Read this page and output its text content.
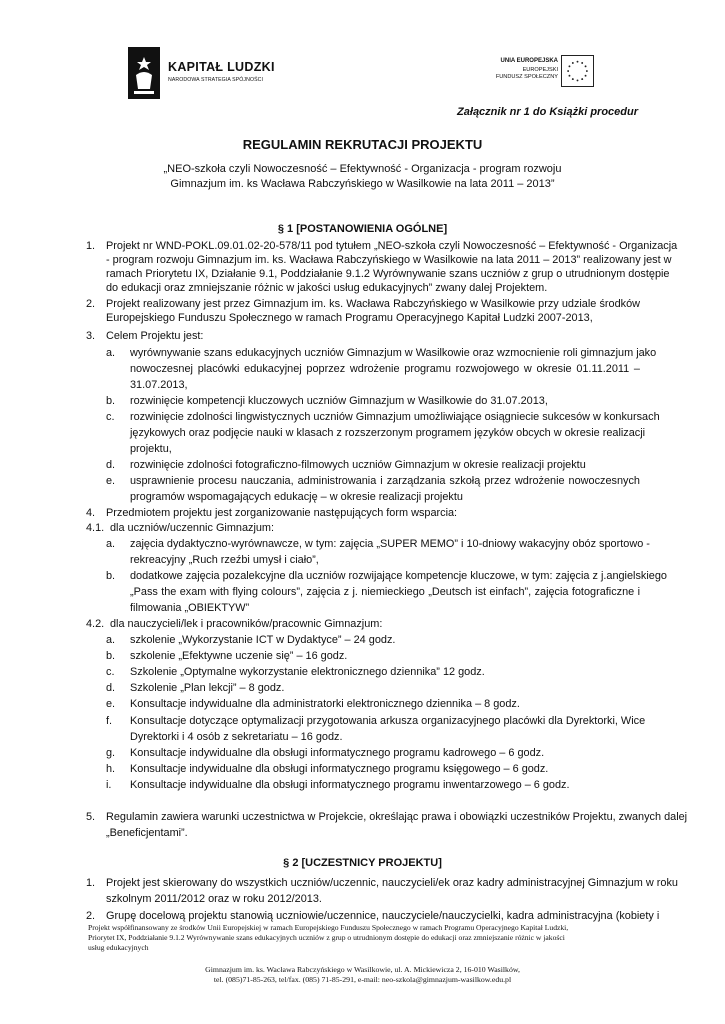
KAPITAŁ LUDZKI
NARODOWA STRATEGIA SPÓJNOŚCI
UNIA EUROPEJSKA
EUROPEJSKI
FUNDUSZ SPOŁECZNY
Załącznik nr 1 do Książki procedur
REGULAMIN REKRUTACJI PROJEKTU
„NEO-szkoła czyli Nowoczesność – Efektywność - Organizacja - program rozwoju
Gimnazjum im. ks Wacława Rabczyńskiego w Wasilkowie na lata 2011 – 2013”
§ 1 [POSTANOWIENIA OGÓLNE]
1. Projekt nr WND-POKL.09.01.02-20-578/11 pod tytułem „NEO-szkoła czyli Nowoczesność – Efektywność - Organizacja
- program rozwoju Gimnazjum im. ks. Wacława Rabczyńskiego w Wasilkowie na lata 2011 – 2013” realizowany jest w
ramach Priorytetu IX, Działanie 9.1, Poddziałanie 9.1.2 Wyrównywanie szans uczniów z grup o utrudnionym dostępie
do edukacji oraz zmniejszanie różnic w jakości usług edukacyjnych” zwany dalej Projektem.
2. Projekt realizowany jest przez Gimnazjum im. ks. Wacława Rabczyńskiego w Wasilkowie przy udziale środków
Europejskiego Funduszu Społecznego w ramach Programu Operacyjnego Kapitał Ludzki 2007-2013,
3. Celem Projektu jest:
a. wyrównywanie szans edukacyjnych uczniów Gimnazjum w Wasilkowie oraz wzmocnienie roli gimnazjum jako
nowoczesnej placówki edukacyjnej poprzez wdrożenie programu rozwojowego w okresie 01.11.2011 –
31.07.2013,
b. rozwinięcie kompetencji kluczowych uczniów Gimnazjum w Wasilkowie do 31.07.2013,
c. rozwinięcie zdolności lingwistycznych uczniów Gimnazjum umożliwiające osiągniecie sukcesów w konkursach
językowych oraz podjęcie nauki w klasach z rozszerzonym programem języków obcych w okresie realizacji
projektu,
d. rozwinięcie zdolności fotograficzno-filmowych uczniów Gimnazjum w okresie realizacji projektu
e. usprawnienie procesu nauczania, administrowania i zarządzania szkołą przez wdrożenie nowoczesnych
programów wspomagających edukację – w okresie realizacji projektu
4. Przedmiotem projektu jest zorganizowanie następujących form wsparcia:
4.1. dla uczniów/uczennic Gimnazjum:
a. zajęcia dydaktyczno-wyrównawcze, w tym: zajęcia „SUPER MEMO” i 10-dniowy wakacyjny obóz sportowo -
rekreacyjny „Ruch rzeźbi umysł i ciało”,
b. dodatkowe zajęcia pozalekcyjne dla uczniów rozwijające kompetencje kluczowe, w tym: zajęcia z j.angielskiego
„Pass the exam with flying colours”, zajęcia z j. niemieckiego „Deutsch ist einfach”, zajęcia fotograficzne i
filmowania „OBIEKTYW”
4.2. dla nauczycieli/lek i pracowników/pracownic Gimnazjum:
a. szkolenie „Wykorzystanie ICT w Dydaktyce” – 24 godz.
b. szkolenie „Efektywne uczenie się” – 16 godz.
c. Szkolenie „Optymalne wykorzystanie elektronicznego dziennika” 12 godz.
d. Szkolenie „Plan lekcji” – 8 godz.
e. Konsultacje indywidualne dla administratorki elektronicznego dziennika – 8 godz.
f. Konsultacje dotyczące optymalizacji przygotowania arkusza organizacyjnego placówki dla Dyrektorki, Wice
Dyrektorki i 4 osób z sekretariatu – 16 godz.
g. Konsultacje indywidualne dla obsługi informatycznego programu kadrowego – 6 godz.
h. Konsultacje indywidualne dla obsługi informatycznego programu księgowego – 6 godz.
i. Konsultacje indywidualne dla obsługi informatycznego programu inwentarzowego – 6 godz.
5. Regulamin zawiera warunki uczestnictwa w Projekcie, określając prawa i obowiązki uczestników Projektu, zwanych dalej
„Beneficjentami”.
§ 2 [UCZESTNICY PROJEKTU]
1. Projekt jest skierowany do wszystkich uczniów/uczennic, nauczycieli/ek oraz kadry administracyjnej Gimnazjum w roku
szkolnym 2011/2012 oraz w roku 2012/2013.
2. Grupę docelową projektu stanowią uczniowie/uczennice, nauczyciele/nauczycielki, kadra administracyjna (kobiety i
Projekt współfinansowany ze środków Unii Europejskiej w ramach Europejskiego Funduszu Społecznego w ramach Programu Operacyjnego Kapitał Ludzki,
Priorytet IX, Poddziałanie 9.1.2 Wyrównywanie szans edukacyjnych uczniów z grup o utrudnionym dostępie do edukacji oraz zmniejszanie różnic w jakości
usług edukacyjnych
Gimnazjum im. ks. Wacława Rabczyńskiego w Wasilkowie, ul. A. Mickiewicza 2, 16-010 Wasilków,
tel. (085)71-85-263, tel/fax. (085) 71-85-291, e-mail: neo-szkola@gimnazjum-wasilkow.edu.pl
